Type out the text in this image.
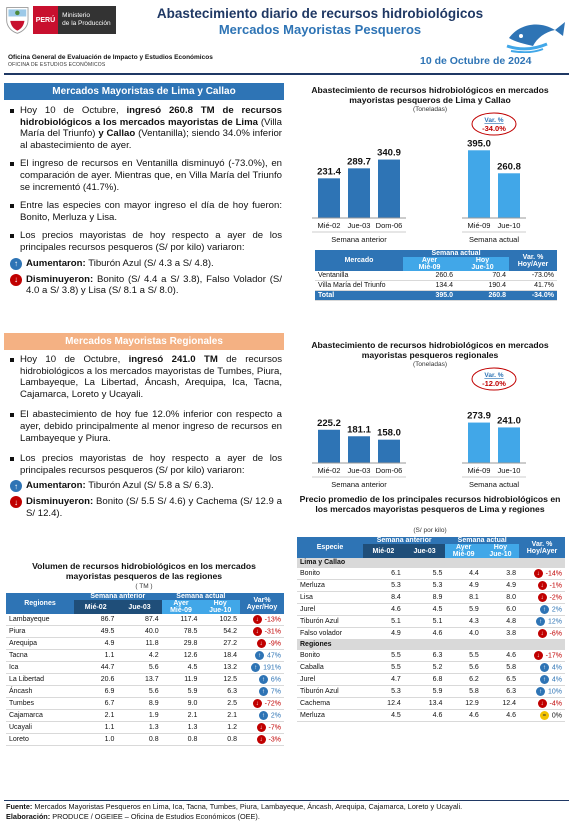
PERÚ
Ministerio
de la Producción
Abastecimiento diario de recursos hidrobiológicos
Mercados Mayoristas Pesqueros
Oficina General de Evaluación de Impacto y Estudios Económicos
OFICINA DE ESTUDIOS ECONÓMICOS	10 de Octubre de 2024
Mercados Mayoristas de Lima y Callao
Hoy 10 de Octubre, ingresó 260.8 TM de recursos hidrobiológicos a los mercados mayoristas de Lima (Villa María del Triunfo) y Callao (Ventanilla); siendo 34.0% inferior al abastecimiento de ayer.
El ingreso de recursos en Ventanilla disminuyó (-73.0%), en comparación de ayer. Mientras que, en Villa María del Triunfo se incrementó (41.7%).
Entre las especies con mayor ingreso el día de hoy fueron: Bonito, Merluza y Lisa.
Los precios mayoristas de hoy respecto a ayer de los principales recursos pesqueros (S/ por kilo) variaron:
↑ Aumentaron: Tiburón Azul (S/ 4.3 a S/ 4.8).
↓ Disminuyeron: Bonito (S/ 4.4 a S/ 3.8), Falso Volador (S/ 4.0 a S/ 3.8) y Lisa (S/ 8.1 a S/ 8.0).
Mercados Mayoristas Regionales
Hoy 10 de Octubre, ingresó 241.0 TM de recursos hidrobiológicos a los mercados mayoristas de Tumbes, Piura, Lambayeque, La Libertad, Áncash, Arequipa, Ica, Tacna, Cajamarca, Loreto y Ucayali.
El abastecimiento de hoy fue 12.0% inferior con respecto a ayer, debido principalmente al menor ingreso de recursos en Lambayeque y Piura.
Los precios mayoristas de hoy respecto a ayer de los principales recursos pesqueros (S/ por kilo) variaron:
↑ Aumentaron: Tiburón Azul (S/ 5.8 a S/ 6.3).
↓ Disminuyeron: Bonito (S/ 5.5 S/ 4.6) y Cachema (S/ 12.9 a S/ 12.4).
Volumen de recursos hidrobiológicos en los mercados mayoristas pesqueros de las regiones
( TM )
Regiones	Semana anterior		Semana actual		Var% Ayer/Hoy
	Mié-02	Jue-03	Ayer	Hoy	
			Mié-09	Jue-10	
Lambayeque	86.7	87.4	117.4	102.5	↓ -13%
Piura	49.5	40.0	78.5	54.2	↓ -31%
Arequipa	4.9	11.8	29.8	27.2	↓ -9%
Tacna	1.1	4.2	12.6	18.4	↑ 47%
Ica	44.7	5.6	4.5	13.2	↑ 191%
La Libertad	20.6	13.7	11.9	12.5	↑ 6%
Áncash	6.9	5.6	5.9	6.3	↑ 7%
Tumbes	6.7	8.9	9.0	2.5	↓ -72%
Cajamarca	2.1	1.9	2.1	2.1	↑ 2%
Ucayali	1.1	1.3	1.3	1.2	↓ -7%
Loreto	1.0	0.8	0.8	0.8	↓ -3%
Abastecimiento de recursos hidrobiológicos en mercados mayoristas pesqueros de Lima y Callao
(Toneladas)
231.4
Mié-02
289.7
Jue-03
340.9
Dom-06
Semana anterior
395.0
Mié-09
260.8
Jue-10
Semana actual
Var. %
-34.0%
Mercado	Semana actual		Var. % Hoy/Ayer
	Ayer	Hoy	
	Mié-09	Jue-10	
Ventanilla	260.6	70.4	-73.0%
Villa María del Triunfo	134.4	190.4	41.7%
Total	395.0	260.8	-34.0%
Abastecimiento de recursos hidrobiológicos en mercados mayoristas pesqueros regionales
(Toneladas)
225.2
Mié-02
181.1
Jue-03
158.0
Dom-06
Semana anterior
273.9
Mié-09
241.0
Jue-10
Semana actual
Var. %
-12.0%
Precio promedio de los principales recursos hidrobiológicos en los mercados mayoristas pesqueros de Lima y regiones
(S/ por kilo)
Especie	Semana anterior		Semana actual		Var. % Hoy/Ayer
	Mié-02	Jue-03	Ayer	Hoy	
			Mié-09	Jue-10	
Lima y Callao					
Bonito	6.1	5.5	4.4	3.8	↓ -14%
Merluza	5.3	5.3	4.9	4.9	↓ -1%
Lisa	8.4	8.9	8.1	8.0	↓ -2%
Jurel	4.6	4.5	5.9	6.0	↑ 2%
Tiburón Azul	5.1	5.1	4.3	4.8	↑ 12%
Falso volador	4.9	4.6	4.0	3.8	↓ -6%
Regiones					
Bonito	5.5	6.3	5.5	4.6	↓ -17%
Caballa	5.5	5.2	5.6	5.8	↑ 4%
Jurel	4.7	6.8	6.2	6.5	↑ 4%
Tiburón Azul	5.3	5.9	5.8	6.3	↑ 10%
Cachema	12.4	13.4	12.9	12.4	↓ -4%
Merluza	4.5	4.6	4.6	4.6	= 0%
Fuente: Mercados Mayoristas Pesqueros en Lima, Ica, Tacna, Tumbes, Piura, Lambayeque, Áncash, Arequipa, Cajamarca, Loreto y Ucayali.
Elaboración: PRODUCE / OGEIEE – Oficina de Estudios Económicos (OEE).
